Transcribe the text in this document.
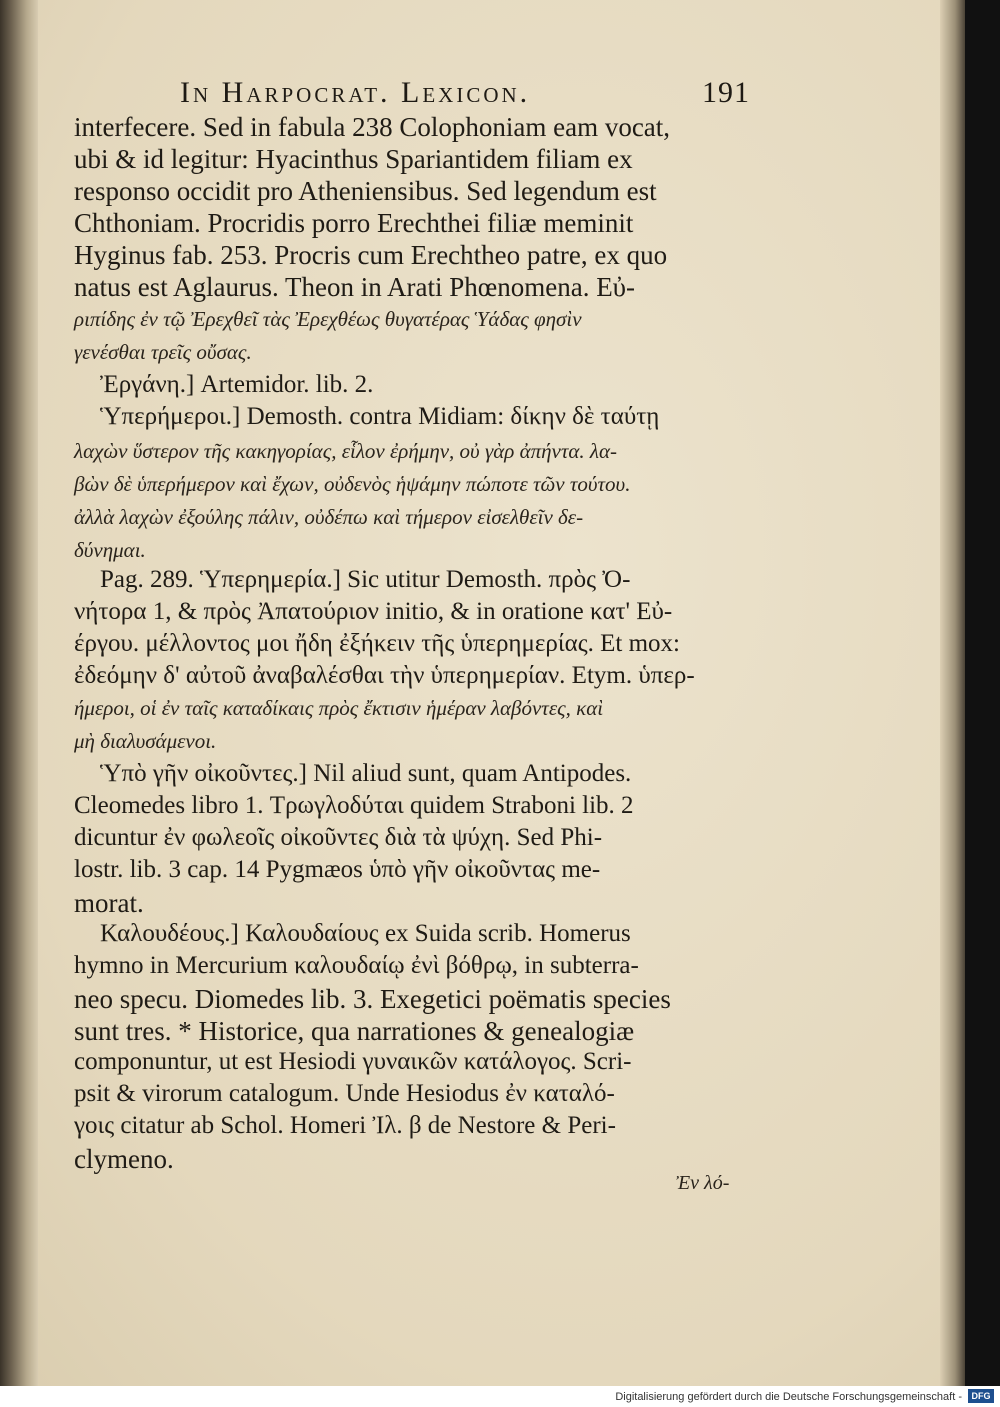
In Harpocrat. Lexicon.	191
interfecere. Sed in fabula 238 Colophoniam eam vocat,
ubi & id legitur: Hyacinthus Spariantidem filiam ex
responso occidit pro Atheniensibus. Sed legendum est
Chthoniam. Procridis porro Erechthei filiæ meminit
Hyginus fab. 253. Procris cum Erechtheo patre, ex quo
natus est Aglaurus. Theon in Arati Phœnomena. Εὐ-
ριπίδης ἐν τῷ Ἐρεχθεῖ τὰς Ἐρεχθέως θυγατέρας Ὑάδας φησὶν
γενέσθαι τρεῖς οὔσας.
Ἐργάνη.] Artemidor. lib. 2.
Ὑπερήμεροι.] Demosth. contra Midiam: δίκην δὲ ταύτῃ
λαχὼν ὕστερον τῆς κακηγορίας, εἷλον ἐρήμην, οὐ γὰρ ἀπήντα. λα-
βὼν δὲ ὑπερήμερον καὶ ἔχων, οὐδενὸς ἡψάμην πώποτε τῶν τούτου.
ἀλλὰ λαχὼν ἐξούλης πάλιν, οὐδέπω καὶ τήμερον εἰσελθεῖν δε-
δύνημαι.
Pag. 289. Ὑπερημερία.] Sic utitur Demosth. πρὸς Ὀ-
νήτορα 1, & πρὸς Ἀπατούριον initio, & in oratione κατ' Εὐ-
έργου. μέλλοντος μοι ἤδη ἐξήκειν τῆς ὑπερημερίας. Et mox:
ἐδεόμην δ' αὐτοῦ ἀναβαλέσθαι τὴν ὑπερημερίαν. Etym. ὑπερ-
ήμεροι, οἱ ἐν ταῖς καταδίκαις πρὸς ἔκτισιν ἡμέραν λαβόντες, καὶ
μὴ διαλυσάμενοι.
Ὑπὸ γῆν οἰκοῦντες.] Nil aliud sunt, quam Antipodes.
Cleomedes libro 1. Τρωγλοδύται quidem Straboni lib. 2
dicuntur ἐν φωλεοῖς οἰκοῦντες διὰ τὰ ψύχη. Sed Phi-
lostr. lib. 3 cap. 14 Pygmæos ὑπὸ γῆν οἰκοῦντας me-
morat.
Καλουδέους.] Καλουδαίους ex Suida scrib. Homerus
hymno in Mercurium καλουδαίῳ ἐνὶ βόθρῳ, in subterra-
neo specu. Diomedes lib. 3. Exegetici poëmatis species
sunt tres. * Historice, qua narrationes & genealogiæ
componuntur, ut est Hesiodi γυναικῶν κατάλογος. Scri-
psit & virorum catalogum. Unde Hesiodus ἐν καταλό-
γοις citatur ab Schol. Homeri Ἰλ. β de Nestore & Peri-
clymeno.
Ἐν λό-
Digitalisierung gefördert durch die Deutsche Forschungsgemeinschaft -	DFG
